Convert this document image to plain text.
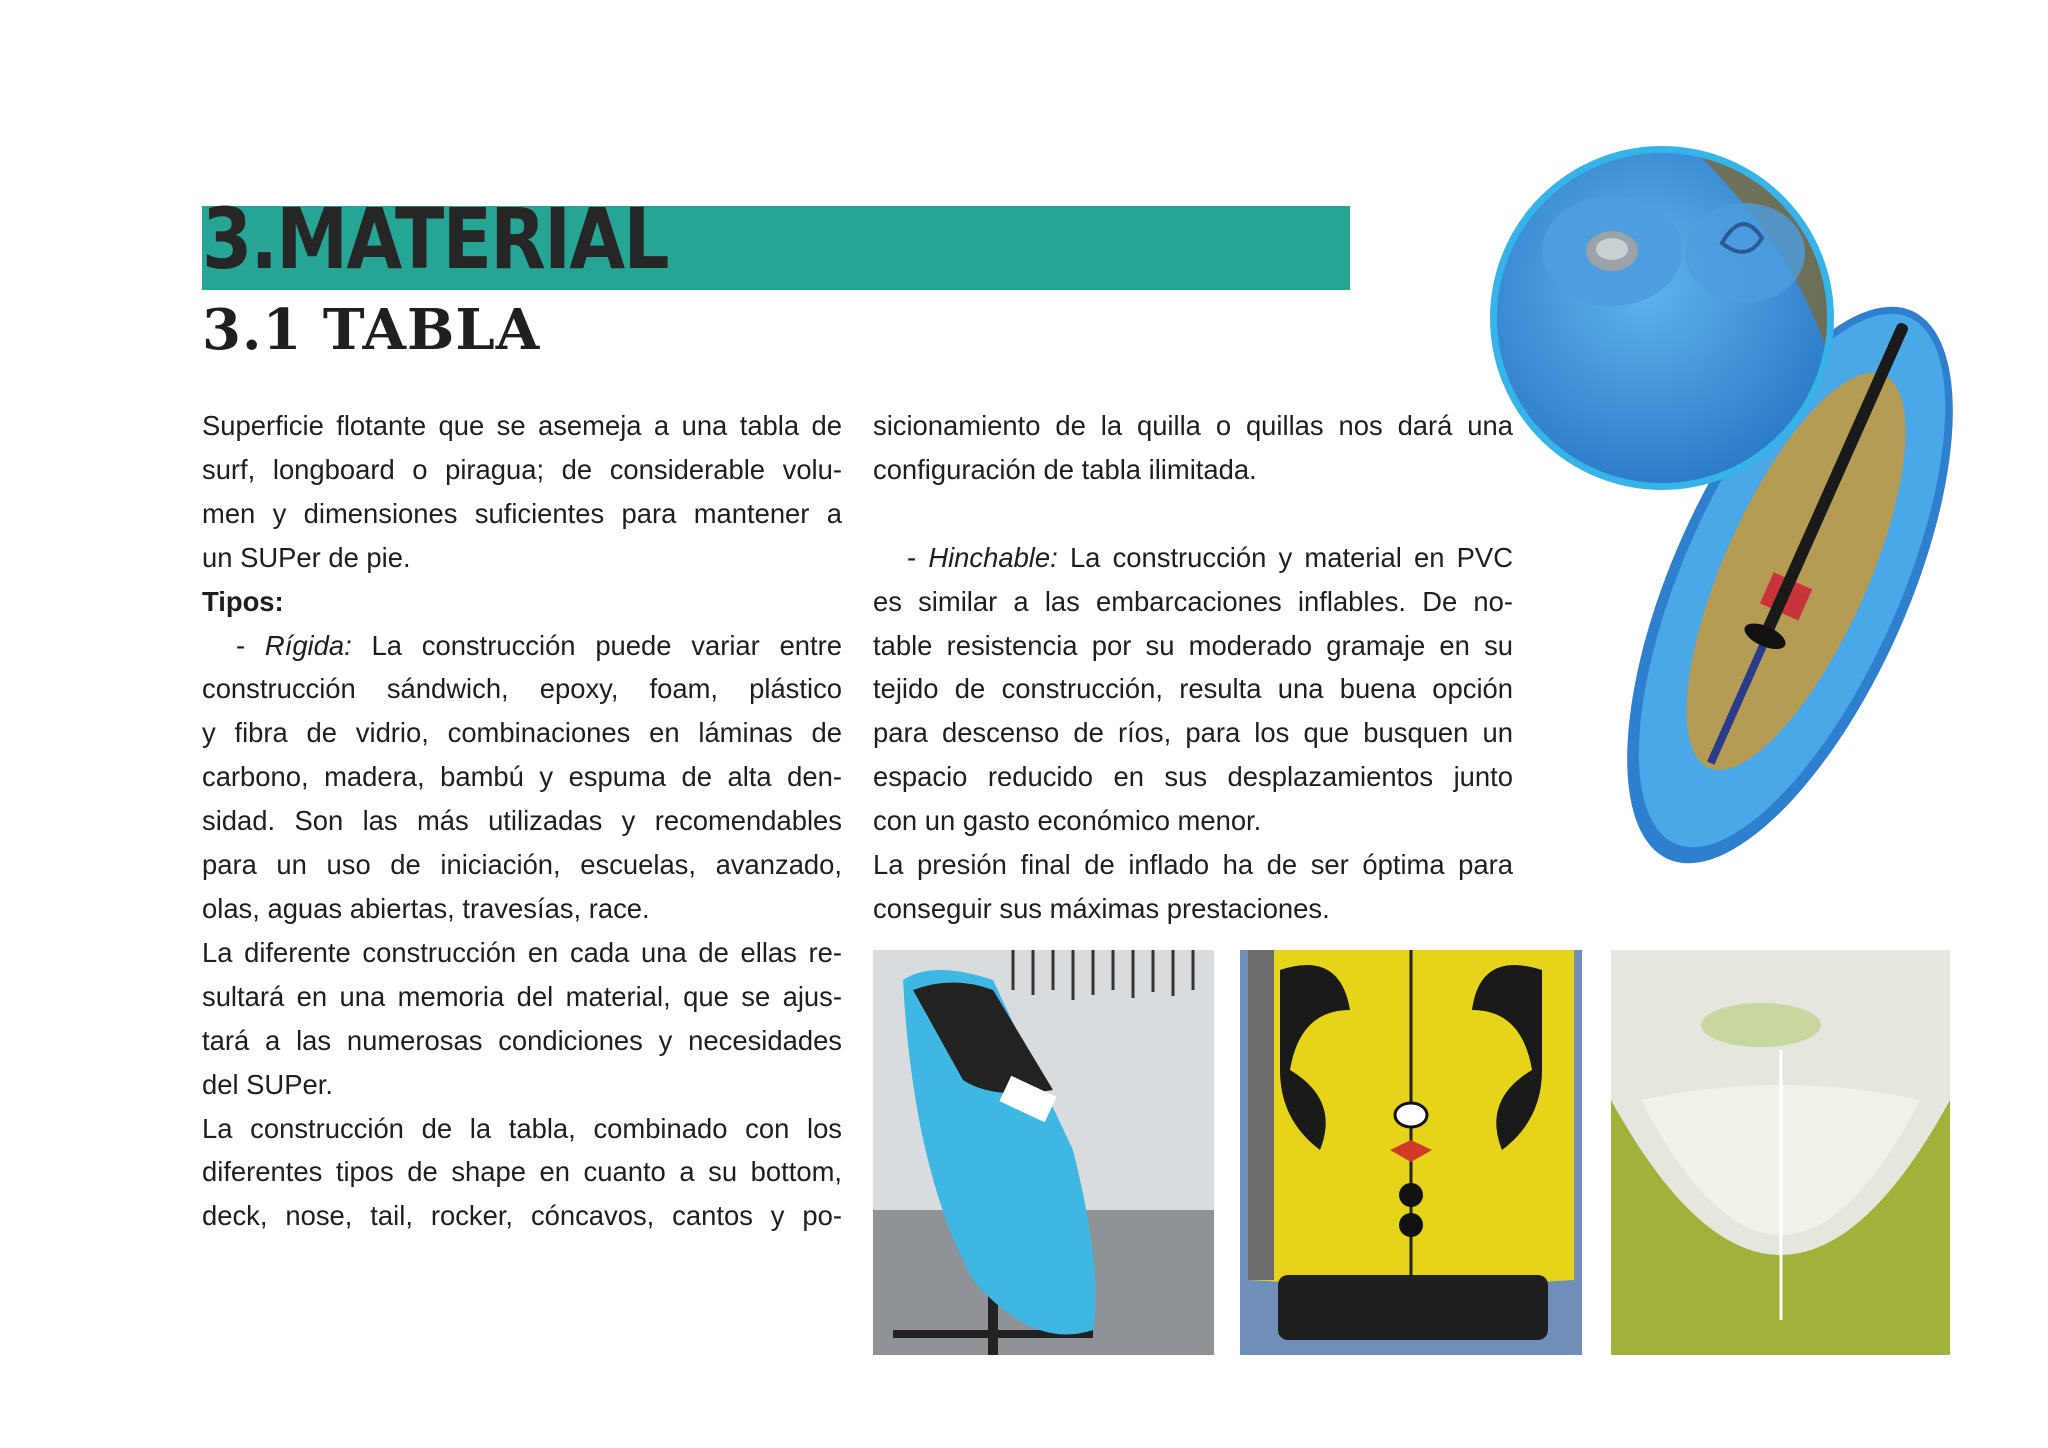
3.MATERIAL
3.1 TABLA

Superficie flotante que se asemeja a una tabla de

surf, longboard o piragua; de considerable volu-

men y dimensiones suficientes para mantener a

un SUPer de pie.

Tipos:

- Rígida: La construcción puede variar entre

construcción sándwich, epoxy, foam, plástico

y fibra de vidrio, combinaciones en láminas de

carbono, madera, bambú y espuma de alta den-

sidad. Son las más utilizadas y recomendables

para un uso de iniciación, escuelas, avanzado,

olas, aguas abiertas, travesías, race.

La diferente construcción en cada una de ellas re-

sultará en una memoria del material, que se ajus-

tará a las numerosas condiciones y necesidades

del SUPer.

La construcción de la tabla, combinado con los

diferentes tipos de shape en cuanto a su bottom,

deck, nose, tail, rocker, cóncavos, cantos y po-

sicionamiento de la quilla o quillas nos dará una

configuración de tabla ilimitada.

- Hinchable: La construcción y material en PVC

es similar a las embarcaciones inflables. De no-

table resistencia por su moderado gramaje en su

tejido de construcción, resulta una buena opción

para descenso de ríos, para los que busquen un

espacio reducido en sus desplazamientos junto

con un gasto económico menor.

La presión final de inflado ha de ser óptima para

conseguir sus máximas prestaciones.
